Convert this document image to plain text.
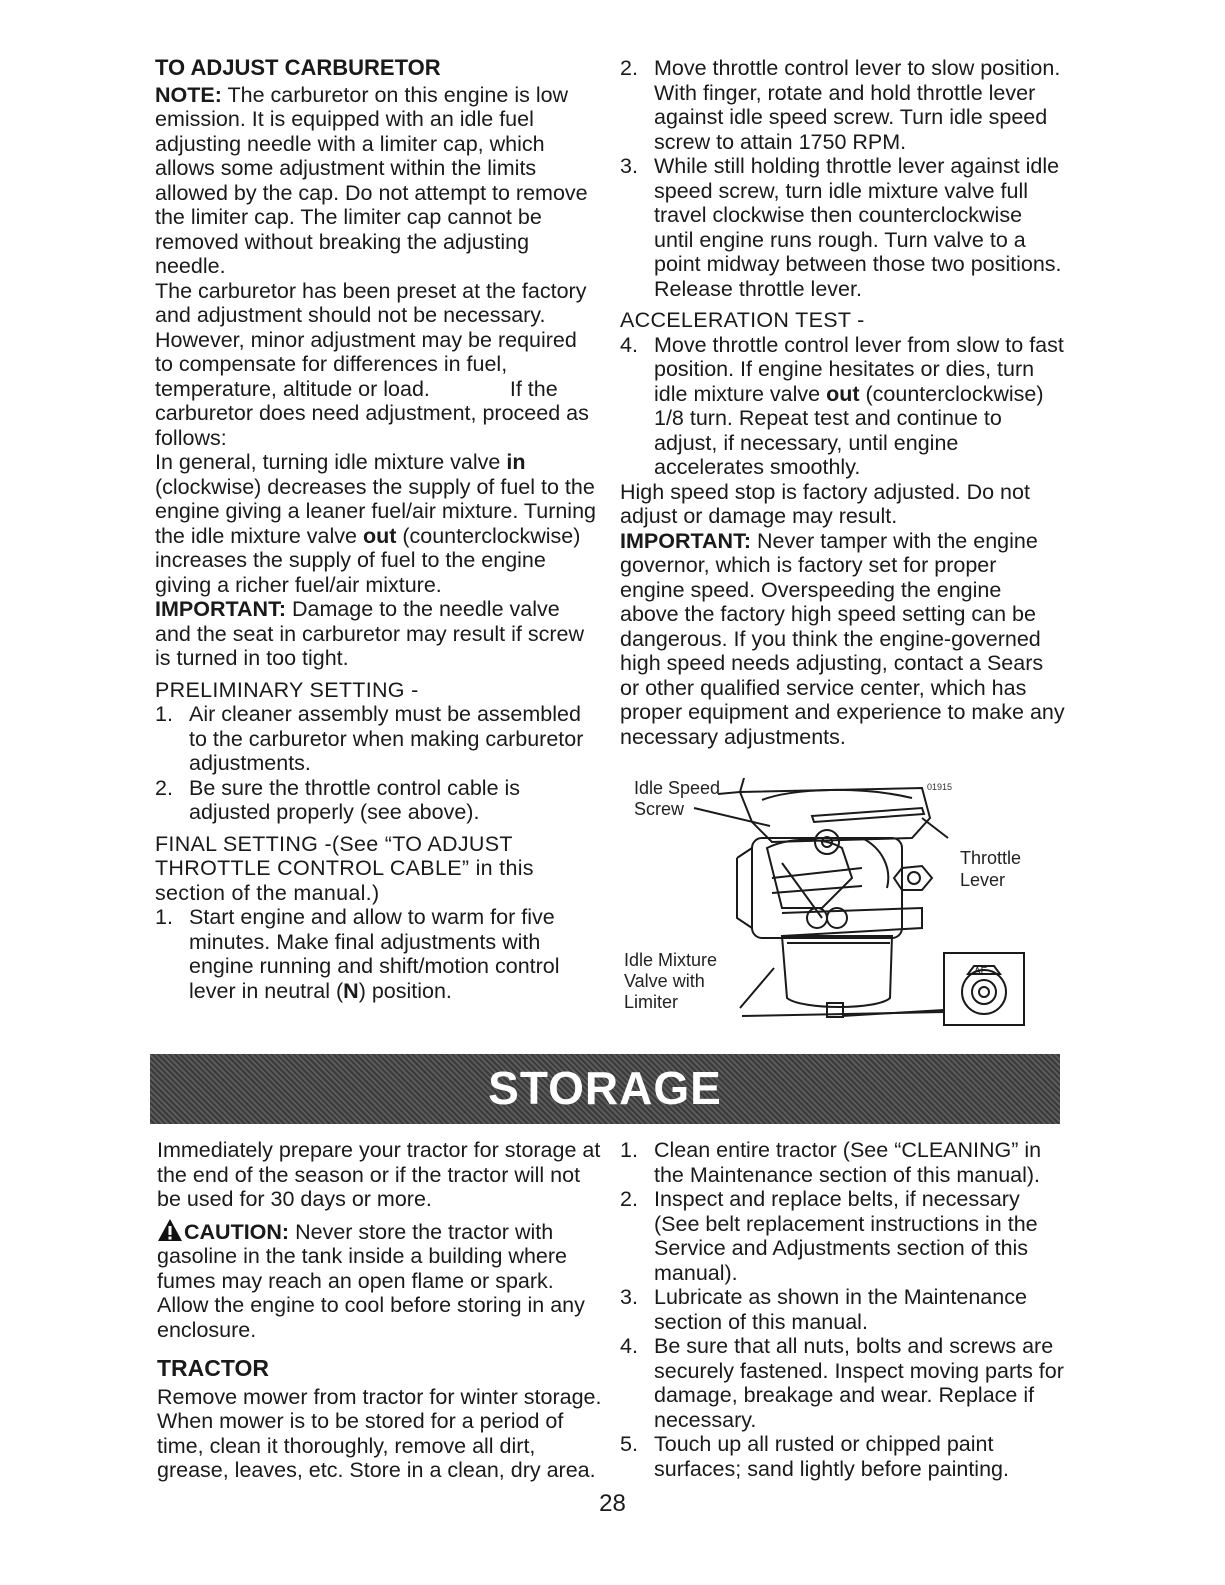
TO ADJUST CARBURETOR

NOTE: The carburetor on this engine is low emission. It is equipped with an idle fuel adjusting needle with a limiter cap, which allows some adjustment within the limits allowed by the cap. Do not attempt to remove the limiter cap. The limiter cap cannot be removed without breaking the adjusting needle.

The carburetor has been preset at the factory and adjustment should not be necessary. However, minor adjustment may be required to compensate for differences in fuel, temperature, altitude or load.	If the carburetor does need adjustment, proceed as follows:

In general, turning idle mixture valve in (clockwise) decreases the supply of fuel to the engine giving a leaner fuel/air mixture. Turning the idle mixture valve out (counterclockwise) increases the supply of fuel to the engine giving a richer fuel/air mixture.

IMPORTANT: Damage to the needle valve and the seat in carburetor may result if screw is turned in too tight.

PRELIMINARY SETTING -
1. Air cleaner assembly must be assembled to the carburetor when making carburetor adjustments.
2. Be sure the throttle control cable is adjusted properly (see above).
FINAL SETTING -(See “TO ADJUST THROTTLE CONTROL CABLE” in this section of the manual.)
1. Start engine and allow to warm for five minutes. Make final adjustments with engine running and shift/motion control lever in neutral (N) position.
2. Move throttle control lever to slow position. With finger, rotate and hold throttle lever against idle speed screw. Turn idle speed screw to attain 1750 RPM.
3. While still holding throttle lever against idle speed screw, turn idle mixture valve full travel clockwise then counterclockwise until engine runs rough. Turn valve to a point midway between those two positions. Release throttle lever.
ACCELERATION TEST -
4. Move throttle control lever from slow to fast position. If engine hesitates or dies, turn idle mixture valve out (counterclockwise) 1/8 turn. Repeat test and continue to adjust, if necessary, until engine accelerates smoothly.

High speed stop is factory adjusted. Do not adjust or damage may result.

IMPORTANT: Never tamper with the engine governor, which is factory set for proper engine speed. Overspeeding the engine above the factory high speed setting can be dangerous. If you think the engine-governed high speed needs adjusting, contact a Sears or other qualified service center, which has proper equipment and experience to make any necessary adjustments.

01915
AE
Idle Speed
Screw
Throttle
Lever
Idle Mixture
Valve with
Limiter
STORAGE

Immediately prepare your tractor for storage at the end of the season or if the tractor will not be used for 30 days or more.

CAUTION: Never store the tractor with gasoline in the tank inside a building where fumes may reach an open flame or spark. Allow the engine to cool before storing in any enclosure.

TRACTOR

Remove mower from tractor for winter storage. When mower is to be stored for a period of time, clean it thoroughly, remove all dirt, grease, leaves, etc. Store in a clean, dry area.

1. Clean entire tractor (See “CLEANING” in the Maintenance section of this manual).
2. Inspect and replace belts, if necessary (See belt replacement instructions in the Service and Adjustments section of this manual).
3. Lubricate as shown in the Maintenance section of this manual.
4. Be sure that all nuts, bolts and screws are securely fastened. Inspect moving parts for damage, breakage and wear. Replace if necessary.
5. Touch up all rusted or chipped paint surfaces; sand lightly before painting.
28
